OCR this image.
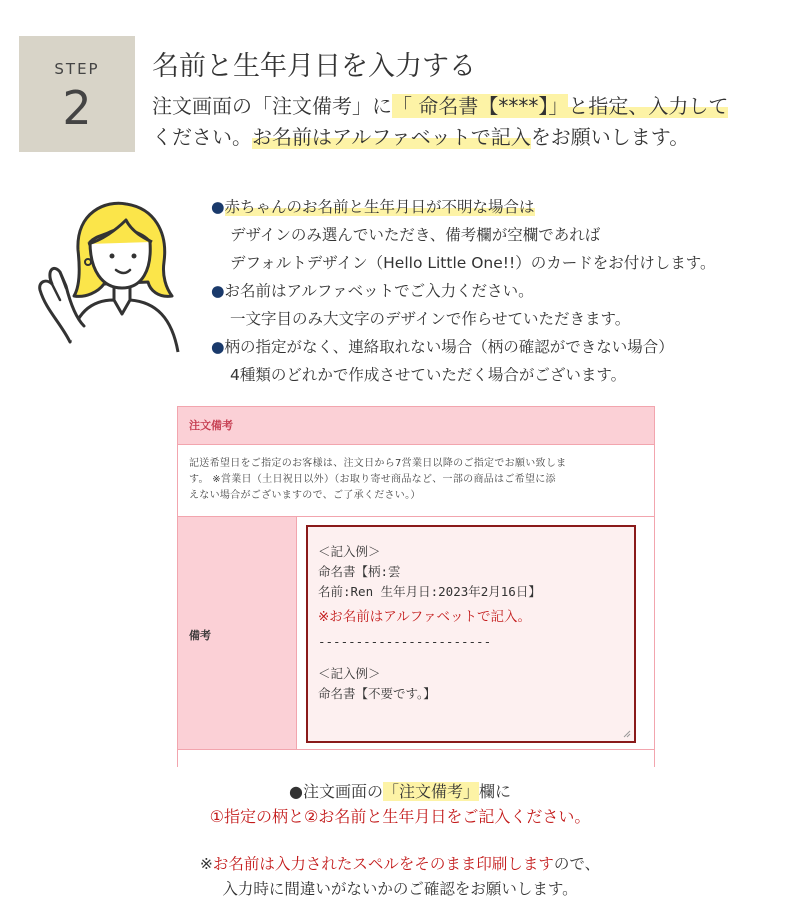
STEP
2
名前と生年月日を入力する
注文画面の「注文備考」に「 命名書【****】」と指定、入力して
ください。お名前はアルファベットで記入をお願いします。
●赤ちゃんのお名前と生年月日が不明な場合は
デザインのみ選んでいただき、備考欄が空欄であれば
デフォルトデザイン（Hello Little One!!）のカードをお付けします。
●お名前はアルファベットでご入力ください。
一文字目のみ大文字のデザインで作らせていただきます。
●柄の指定がなく、連絡取れない場合（柄の確認ができない場合）
4種類のどれかで作成させていただく場合がございます。
注文備考
記送希望日をご指定のお客様は、注文日から7営業日以降のご指定でお願い致しま
す。 ※営業日（土日祝日以外）（お取り寄せ商品など、一部の商品はご希望に添
えない場合がございますので、ご了承ください。）
備考
＜記入例＞
命名書【柄:雲
名前:Ren 生年月日:2023年2月16日】
※お名前はアルファベットで記入。
-----------------------
＜記入例＞
命名書【不要です。】
●注文画面の「注文備考」欄に
①指定の柄と②お名前と生年月日をご記入ください。
※お名前は入力されたスペルをそのまま印刷しますので、
入力時に間違いがないかのご確認をお願いします。
